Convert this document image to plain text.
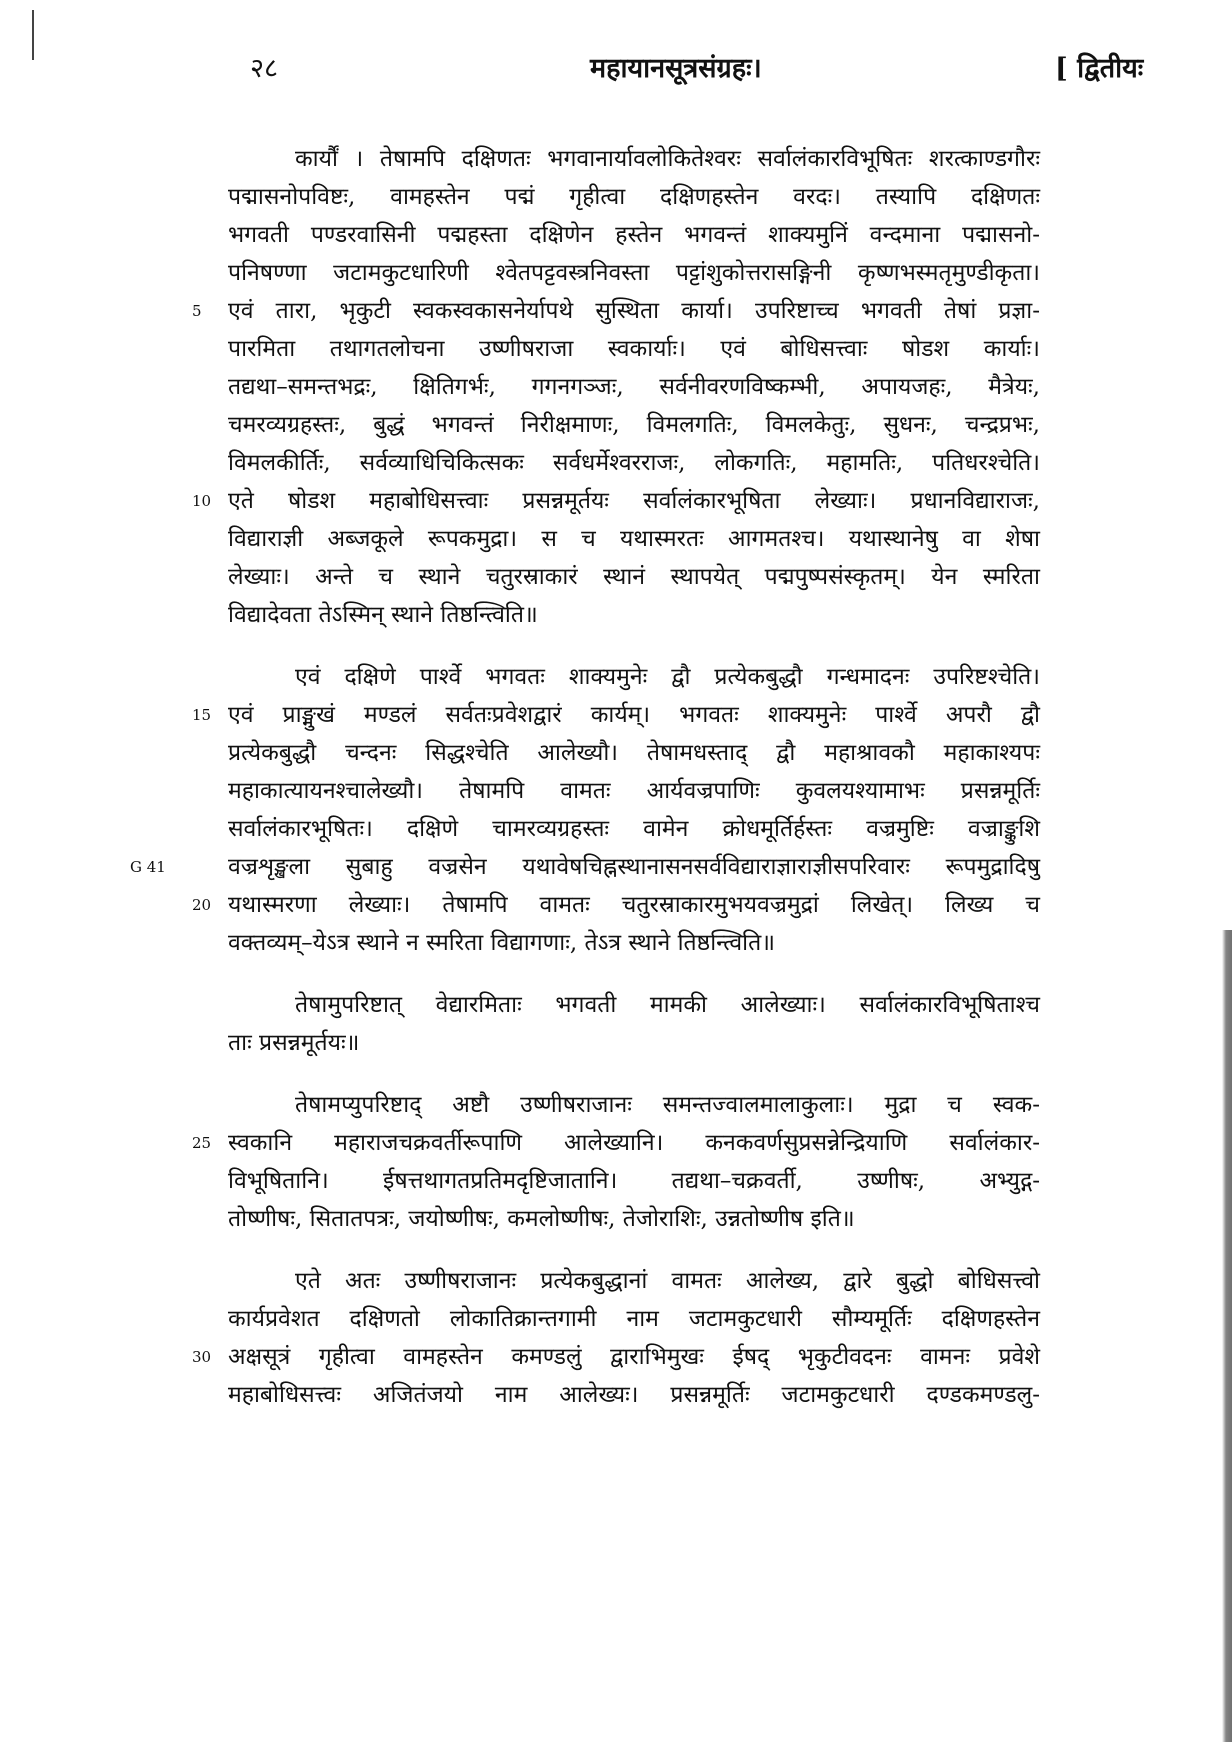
२८	महायानसूत्रसंग्रहः।	[ द्वितीयः
कार्यौं । तेषामपि दक्षिणतः भगवानार्यावलोकितेश्वरः सर्वालंकारविभूषितः शरत्काण्डगौरः
पद्मासनोपविष्टः, वामहस्तेन पद्मं गृहीत्वा दक्षिणहस्तेन वरदः। तस्यापि दक्षिणतः
भगवती पण्डरवासिनी पद्महस्ता दक्षिणेन हस्तेन भगवन्तं शाक्यमुनिं वन्दमाना पद्मासनो-
पनिषण्णा जटामकुटधारिणी श्वेतपट्टवस्त्रनिवस्ता पट्टांशुकोत्तरासङ्गिनी कृष्णभस्मतृमुण्डीकृता।
एवं तारा, भृकुटी स्वकस्वकासनेर्यापथे सुस्थिता कार्या। उपरिष्टाच्च भगवती तेषां प्रज्ञा-
5
पारमिता तथागतलोचना उष्णीषराजा स्वकार्याः। एवं बोधिसत्त्वाः षोडश कार्याः।
तद्यथा–समन्तभद्रः, क्षितिगर्भः, गगनगञ्जः, सर्वनीवरणविष्कम्भी, अपायजहः, मैत्रेयः,
चमरव्यग्रहस्तः, बुद्धं भगवन्तं निरीक्षमाणः, विमलगतिः, विमलकेतुः, सुधनः, चन्द्रप्रभः,
विमलकीर्तिः, सर्वव्याधिचिकित्सकः सर्वधर्मेश्वरराजः, लोकगतिः, महामतिः, पतिधरश्चेति।
एते षोडश महाबोधिसत्त्वाः प्रसन्नमूर्तयः सर्वालंकारभूषिता लेख्याः। प्रधानविद्याराजः,
10
विद्याराज्ञी अब्जकूले रूपकमुद्रा। स च यथास्मरतः आगमतश्च। यथास्थानेषु वा शेषा
लेख्याः। अन्ते च स्थाने चतुरस्राकारं स्थानं स्थापयेत् पद्मपुष्पसंस्कृतम्। येन स्मरिता
विद्यादेवता तेऽस्मिन् स्थाने तिष्ठन्त्विति॥
एवं दक्षिणे पार्श्वे भगवतः शाक्यमुनेः द्वौ प्रत्येकबुद्धौ गन्धमादनः उपरिष्टश्चेति।
एवं प्राङ्मुखं मण्डलं सर्वतःप्रवेशद्वारं कार्यम्। भगवतः शाक्यमुनेः पार्श्वे अपरौ द्वौ
15
प्रत्येकबुद्धौ चन्दनः सिद्धश्चेति आलेख्यौ। तेषामधस्ताद् द्वौ महाश्रावकौ महाकाश्यपः
महाकात्यायनश्चालेख्यौ। तेषामपि वामतः आर्यवज्रपाणिः कुवलयश्यामाभः प्रसन्नमूर्तिः
सर्वालंकारभूषितः। दक्षिणे चामरव्यग्रहस्तः वामेन क्रोधमूर्तिर्हस्तः वज्रमुष्टिः वज्राङ्कुशि
वज्रशृङ्खला सुबाहु वज्रसेन यथावेषचिह्नस्थानासनसर्वविद्याराज्ञाराज्ञीसपरिवारः रूपमुद्रादिषु
G 41
यथास्मरणा लेख्याः। तेषामपि वामतः चतुरस्राकारमुभयवज्रमुद्रां लिखेत्। लिख्य च
20
वक्तव्यम्–येऽत्र स्थाने न स्मरिता विद्यागणाः, तेऽत्र स्थाने तिष्ठन्त्विति॥
तेषामुपरिष्टात् वेद्यारमिताः भगवती मामकी आलेख्याः। सर्वालंकारविभूषिताश्च
ताः प्रसन्नमूर्तयः॥
तेषामप्युपरिष्टाद् अष्टौ उष्णीषराजानः समन्तज्वालमालाकुलाः। मुद्रा च स्वक-
स्वकानि महाराजचक्रवर्तीरूपाणि आलेख्यानि। कनकवर्णसुप्रसन्नेन्द्रियाणि सर्वालंकार-
25
विभूषितानि। ईषत्तथागतप्रतिमदृष्टिजातानि। तद्यथा–चक्रवर्ती, उष्णीषः, अभ्युद्ग-
तोष्णीषः, सितातपत्रः, जयोष्णीषः, कमलोष्णीषः, तेजोराशिः, उन्नतोष्णीष इति॥
एते अतः उष्णीषराजानः प्रत्येकबुद्धानां वामतः आलेख्य, द्वारे बुद्धो बोधिसत्त्वो
कार्यप्रवेशत दक्षिणतो लोकातिक्रान्तगामी नाम जटामकुटधारी सौम्यमूर्तिः दक्षिणहस्तेन
अक्षसूत्रं गृहीत्वा वामहस्तेन कमण्डलुं द्वाराभिमुखः ईषद् भृकुटीवदनः वामनः प्रवेशे
30
महाबोधिसत्त्वः अजितंजयो नाम आलेख्यः। प्रसन्नमूर्तिः जटामकुटधारी दण्डकमण्डलु-
